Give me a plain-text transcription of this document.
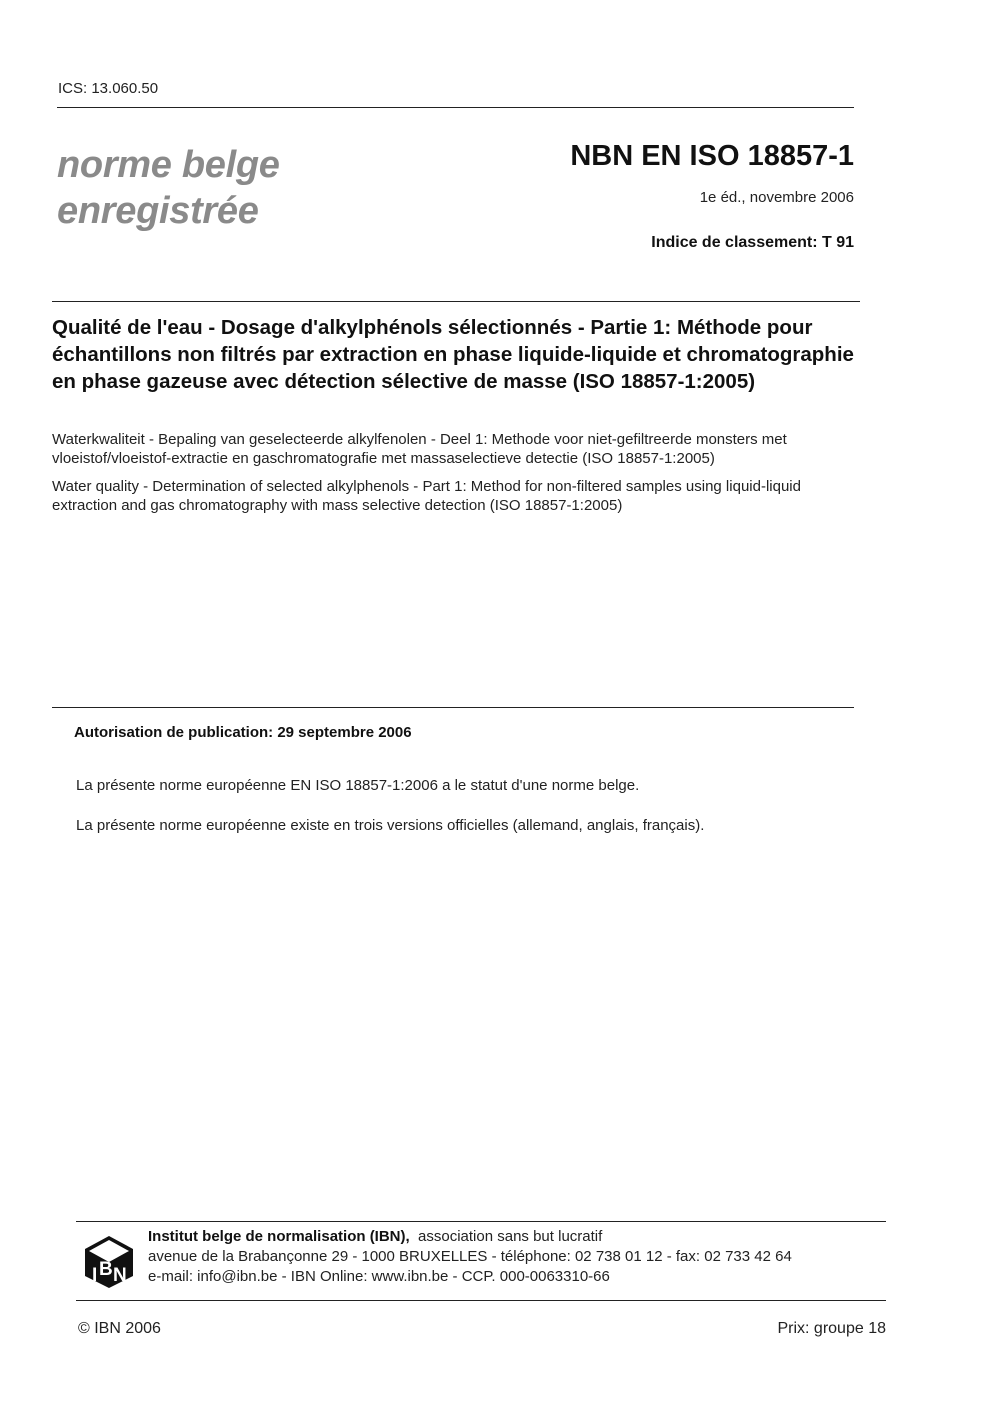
ICS: 13.060.50
norme belge
enregistrée
NBN EN ISO 18857-1
1e éd., novembre 2006
Indice de classement: T 91
Qualité de l'eau - Dosage d'alkylphénols sélectionnés - Partie 1: Méthode pour échantillons non filtrés par extraction en phase liquide-liquide et chromatographie en phase gazeuse avec détection sélective de masse (ISO 18857-1:2005)
Waterkwaliteit - Bepaling van geselecteerde alkylfenolen - Deel 1: Methode voor niet-gefiltreerde monsters met vloeistof/vloeistof-extractie en gaschromatografie met massaselectieve detectie (ISO 18857-1:2005)
Water quality - Determination of selected alkylphenols - Part 1: Method for non-filtered samples using liquid-liquid extraction and gas chromatography with mass selective detection (ISO 18857-1:2005)
Autorisation de publication: 29 septembre 2006
La présente norme européenne EN ISO 18857-1:2006 a le statut d'une norme belge.
La présente norme européenne existe en trois versions officielles (allemand, anglais, français).
I B N
Institut belge de normalisation (IBN), association sans but lucratif
avenue de la Brabançonne 29 - 1000 BRUXELLES - téléphone: 02 738 01 12 - fax: 02 733 42 64
e-mail: info@ibn.be - IBN Online: www.ibn.be - CCP. 000-0063310-66
© IBN 2006	Prix: groupe 18
